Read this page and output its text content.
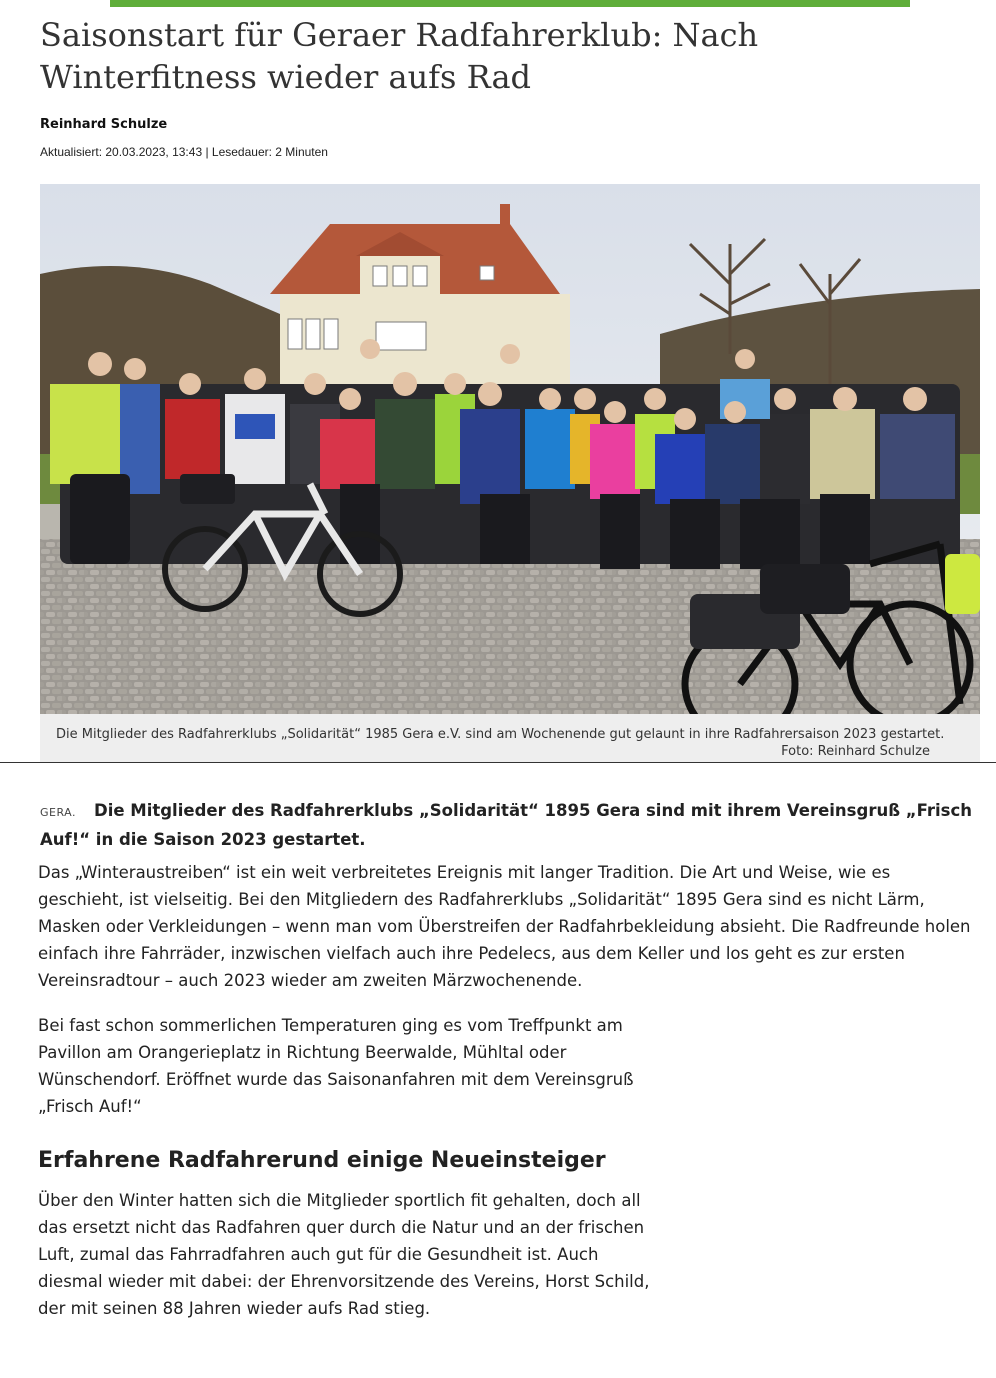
Saisonstart für Geraer Radfahrerklub: Nach Winterfitness wieder aufs Rad
Reinhard Schulze
Aktualisiert: 20.03.2023, 13:43 | Lesedauer: 2 Minuten
Die Mitglieder des Radfahrerklubs „Solidarität“ 1985 Gera e.V. sind am Wochenende gut gelaunt in ihre Radfahrersaison 2023 gestartet.
Foto: Reinhard Schulze
GERA. Die Mitglieder des Radfahrerklubs „Solidarität“ 1895 Gera sind mit ihrem Vereinsgruß „Frisch Auf!“ in die Saison 2023 gestartet.

Das „Winteraustreiben“ ist ein weit verbreitetes Ereignis mit langer Tradition. Die Art und Weise, wie es geschieht, ist vielseitig. Bei den Mitgliedern des Radfahrerklubs „Solidarität“ 1895 Gera sind es nicht Lärm, Masken oder Verkleidungen – wenn man vom Überstreifen der Radfahrbekleidung absieht. Die Radfreunde holen einfach ihre Fahrräder, inzwischen vielfach auch ihre Pedelecs, aus dem Keller und los geht es zur ersten Vereinsradtour – auch 2023 wieder am zweiten Märzwochenende.

Bei fast schon sommerlichen Temperaturen ging es vom Treffpunkt am Pavillon am Orangerieplatz in Richtung Beerwalde, Mühltal oder Wünschendorf. Eröffnet wurde das Saisonanfahren mit dem Vereinsgruß „Frisch Auf!“

Erfahrene Radfahrerund einige Neueinsteiger

Über den Winter hatten sich die Mitglieder sportlich fit gehalten, doch all das ersetzt nicht das Radfahren quer durch die Natur und an der frischen Luft, zumal das Fahrradfahren auch gut für die Gesundheit ist. Auch diesmal wieder mit dabei: der Ehrenvorsitzende des Vereins, Horst Schild, der mit seinen 88 Jahren wieder aufs Rad stieg.
